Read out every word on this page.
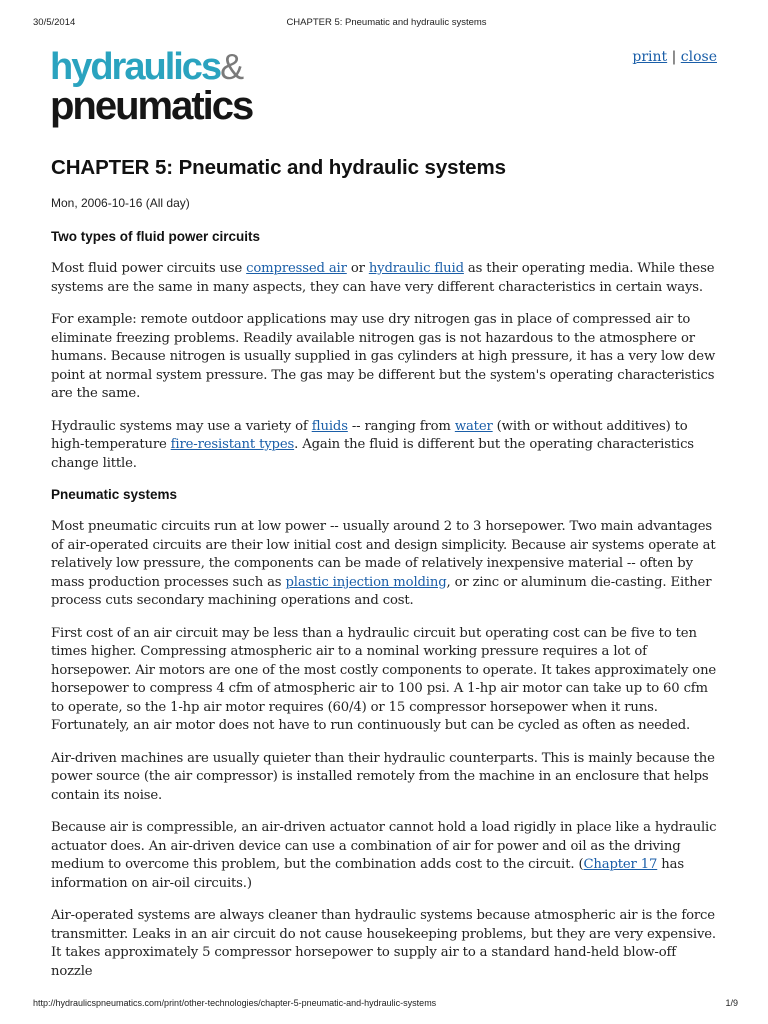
30/5/2014	CHAPTER 5: Pneumatic and hydraulic systems
hydraulics&
pneumatics
print | close
CHAPTER 5: Pneumatic and hydraulic systems
Mon, 2006-10-16 (All day)
Two types of fluid power circuits

Most fluid power circuits use compressed air or hydraulic fluid as their operating media. While these systems are the same in many aspects, they can have very different characteristics in certain ways.

For example: remote outdoor applications may use dry nitrogen gas in place of compressed air to eliminate freezing problems. Readily available nitrogen gas is not hazardous to the atmosphere or humans. Because nitrogen is usually supplied in gas cylinders at high pressure, it has a very low dew point at normal system pressure. The gas may be different but the system's operating characteristics are the same.

Hydraulic systems may use a variety of fluids -- ranging from water (with or without additives) to high-temperature fire-resistant types. Again the fluid is different but the operating characteristics change little.

Pneumatic systems

Most pneumatic circuits run at low power -- usually around 2 to 3 horsepower. Two main advantages of air-operated circuits are their low initial cost and design simplicity. Because air systems operate at relatively low pressure, the components can be made of relatively inexpensive material -- often by mass production processes such as plastic injection molding, or zinc or aluminum die-casting. Either process cuts secondary machining operations and cost.

First cost of an air circuit may be less than a hydraulic circuit but operating cost can be five to ten times higher. Compressing atmospheric air to a nominal working pressure requires a lot of horsepower. Air motors are one of the most costly components to operate. It takes approximately one horsepower to compress 4 cfm of atmospheric air to 100 psi. A 1-hp air motor can take up to 60 cfm to operate, so the 1-hp air motor requires (60/4) or 15 compressor horsepower when it runs. Fortunately, an air motor does not have to run continuously but can be cycled as often as needed.

Air-driven machines are usually quieter than their hydraulic counterparts. This is mainly because the power source (the air compressor) is installed remotely from the machine in an enclosure that helps contain its noise.

Because air is compressible, an air-driven actuator cannot hold a load rigidly in place like a hydraulic actuator does. An air-driven device can use a combination of air for power and oil as the driving medium to overcome this problem, but the combination adds cost to the circuit. (Chapter 17 has information on air-oil circuits.)

Air-operated systems are always cleaner than hydraulic systems because atmospheric air is the force transmitter. Leaks in an air circuit do not cause housekeeping problems, but they are very expensive. It takes approximately 5 compressor horsepower to supply air to a standard hand-held blow-off nozzle

http://hydraulicspneumatics.com/print/other-technologies/chapter-5-pneumatic-and-hydraulic-systems	1/9
